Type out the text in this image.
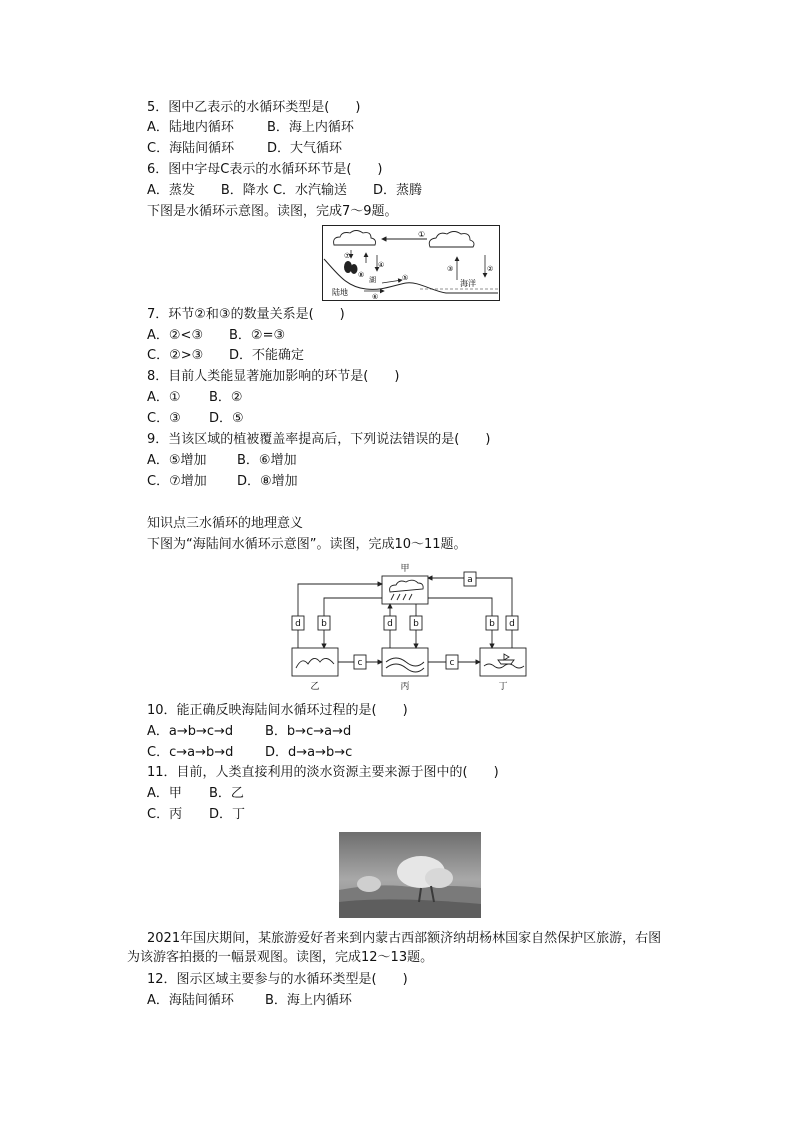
5．图中乙表示的水循环类型是(　　)
A．陆地内循环	B．海上内循环
C．海陆间循环	D．大气循环
6．图中字母C表示的水循环环节是(　　)
A．蒸发　　B．降水 C．水汽输送　　D．蒸腾
下图是水循环示意图。读图，完成7～9题。
①
⑦
⑧
④
湖	⑤
⑥
陆地
海洋
③	②
7．环节②和③的数量关系是(　　)
A．②<③ B．②=③
C．②>③ D．不能确定
8．目前人类能显著施加影响的环节是(　　)
A．① B．②
C．③ D．⑤
9．当该区域的植被覆盖率提高后，下列说法错误的是(　　)
A．⑤增加 B．⑥增加
C．⑦增加 D．⑧增加
知识点三水循环的地理意义
下图为“海陆间水循环示意图”。读图，完成10～11题。
甲
乙	丙	丁
a
d b	d b	b d
c	c
10．能正确反映海陆间水循环过程的是(　　)
A．a→b→c→d B．b→c→a→d
C．c→a→b→d D．d→a→b→c
11．目前，人类直接利用的淡水资源主要来源于图中的(　　)
A．甲 B．乙
C．丙 D．丁
2021年国庆期间，某旅游爱好者来到内蒙古西部额济纳胡杨林国家自然保护区旅游，右图为该游客拍摄的一幅景观图。读图，完成12～13题。
12．图示区域主要参与的水循环类型是(　　)
A．海陆间循环 B．海上内循环
